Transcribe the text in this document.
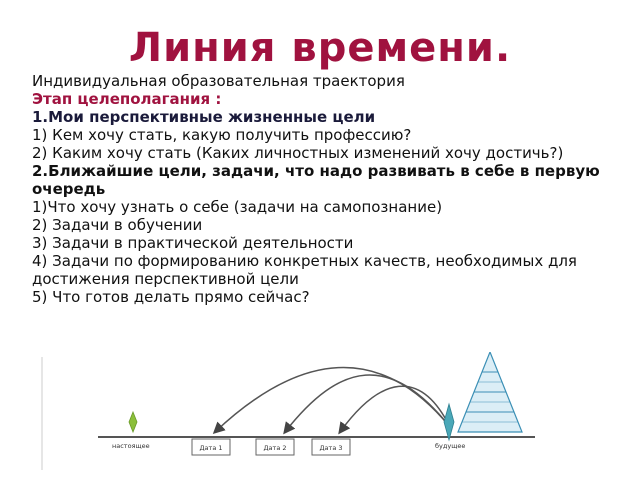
Линия времени.
Индивидуальная образовательная траектория
Этап целеполагания :
1.Мои перспективные жизненные цели
1) Кем хочу стать, какую получить профессию?
2) Каким хочу стать (Каких личностных изменений хочу достичь?)
2.Ближайшие цели, задачи, что надо развивать в себе в первую очередь
1)Что хочу узнать о себе (задачи на самопознание)
2) Задачи в обучении
3) Задачи в практической деятельности
4) Задачи по формированию конкретных качеств, необходимых для достижения перспективной цели
5) Что готов делать прямо сейчас?
настоящее	Дата 1	Дата 2	Дата 3	будущее
